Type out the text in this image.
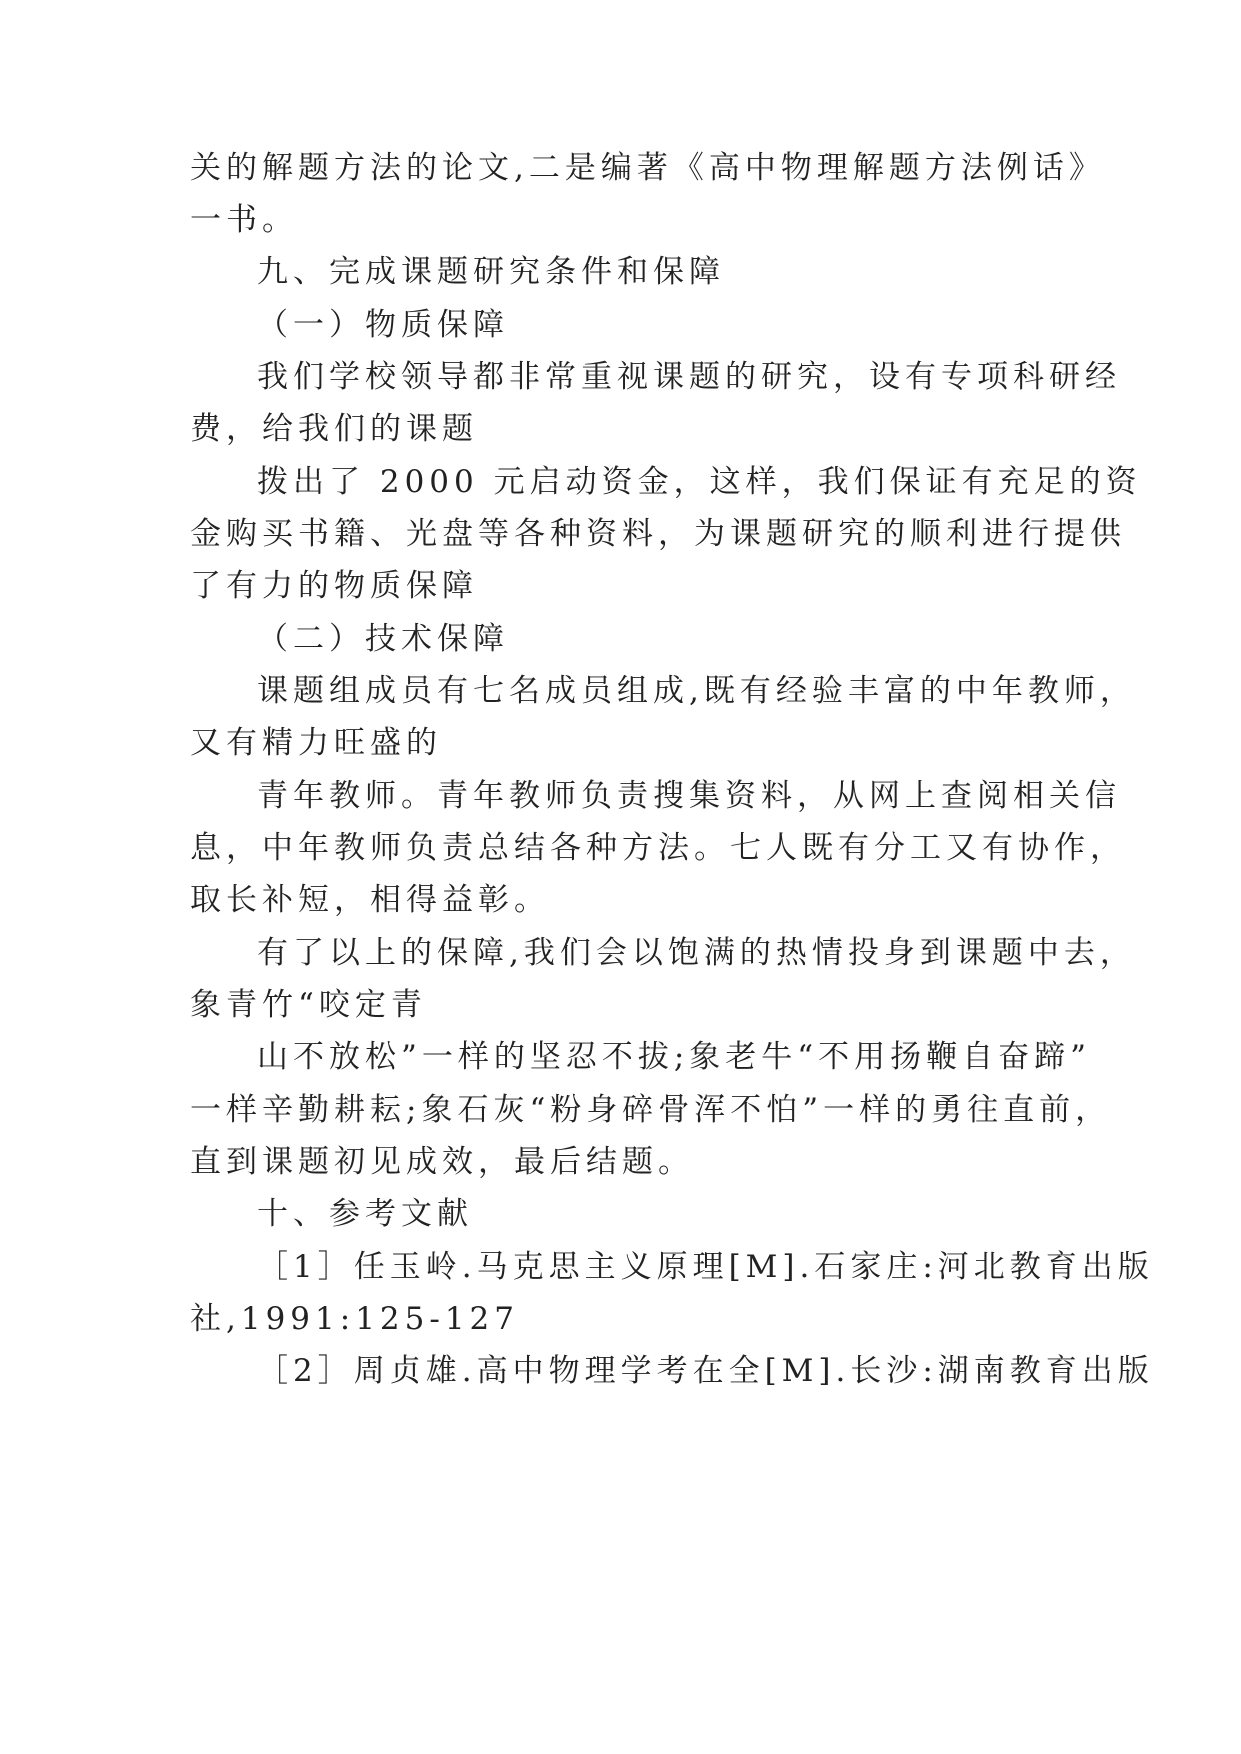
关的解题方法的论文,二是编著《高中物理解题方法例话》
一书。
九、完成课题研究条件和保障
（一）物质保障
我们学校领导都非常重视课题的研究，设有专项科研经
费，给我们的课题
拨出了 2000 元启动资金，这样，我们保证有充足的资
金购买书籍、光盘等各种资料，为课题研究的顺利进行提供
了有力的物质保障
（二）技术保障
课题组成员有七名成员组成,既有经验丰富的中年教师，
又有精力旺盛的
青年教师。青年教师负责搜集资料，从网上查阅相关信
息，中年教师负责总结各种方法。七人既有分工又有协作，
取长补短，相得益彰。
有了以上的保障,我们会以饱满的热情投身到课题中去，
象青竹“咬定青
山不放松”一样的坚忍不拔;象老牛“不用扬鞭自奋蹄”
一样辛勤耕耘;象石灰“粉身碎骨浑不怕”一样的勇往直前，
直到课题初见成效，最后结题。
十、参考文献
［1］任玉岭.马克思主义原理[M].石家庄:河北教育出版
社,1991:125-127
［2］周贞雄.高中物理学考在全[M].长沙:湖南教育出版
